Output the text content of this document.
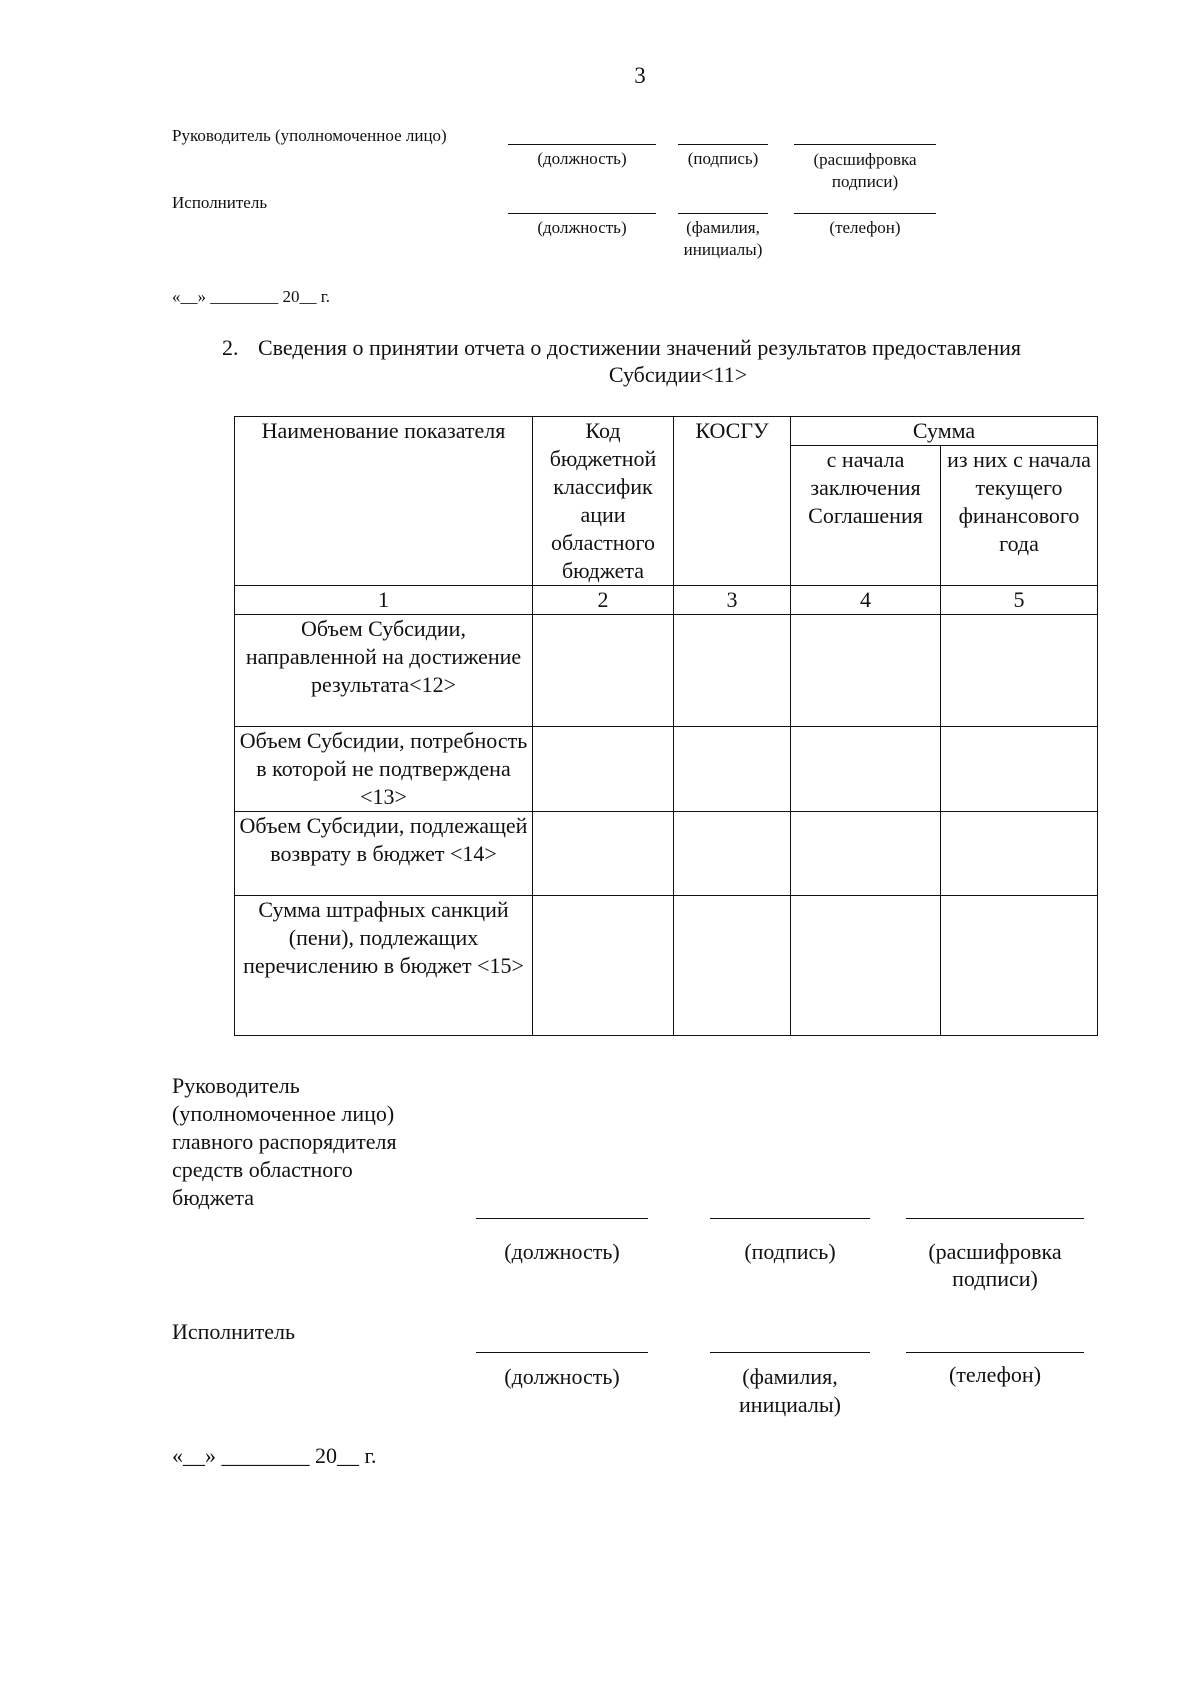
3
Руководитель (уполномоченное лицо)
(должность)	(подпись)	(расшифровка
подписи)
Исполнитель
(должность)	(фамилия,
инициалы)
(телефон)
«__» ________ 20__ г.
2. Сведения о принятии отчета о достижении значений результатов предоставления
Субсидии<11>
Наименование показателя	Код бюджетной классифик ации областного бюджета	КОСГУ	Сумма	
			с начала заключения Соглашения	из них с начала текущего финансового года
1	2	3	4	5
Объем Субсидии, направленной на достижение результата<12>				
Объем Субсидии, потребность в которой не подтверждена <13>				
Объем Субсидии, подлежащей возврату в бюджет <14>				
Сумма штрафных санкций (пени), подлежащих перечислению в бюджет <15>				
Руководитель
(уполномоченное лицо)
главного распорядителя
средств областного
бюджета
(должность)	(подпись)	(расшифровка
подписи)
Исполнитель
(должность)	(фамилия,
инициалы)
(телефон)
«__» ________ 20__ г.
